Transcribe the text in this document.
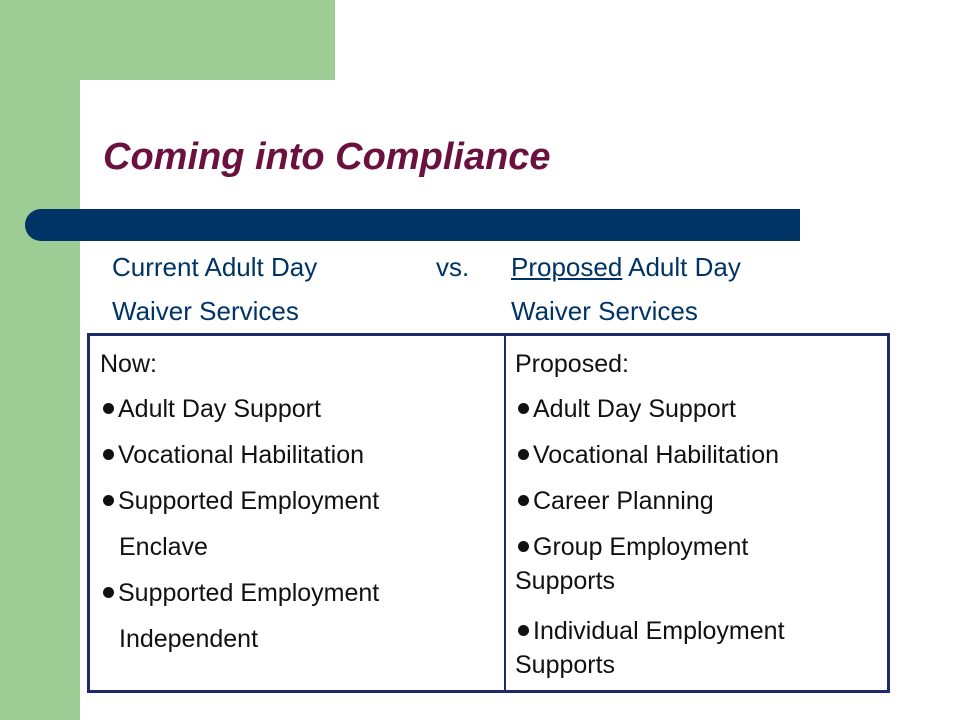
Coming into Compliance
Current Adult Day	vs. Proposed Adult Day
Waiver Services	Waiver Services
Now:
Adult Day Support
Vocational Habilitation
Supported Employment
Enclave
Supported Employment
Independent
Proposed:
Adult Day Support
Vocational Habilitation
Career Planning
Group Employment
Supports
Individual Employment
Supports
